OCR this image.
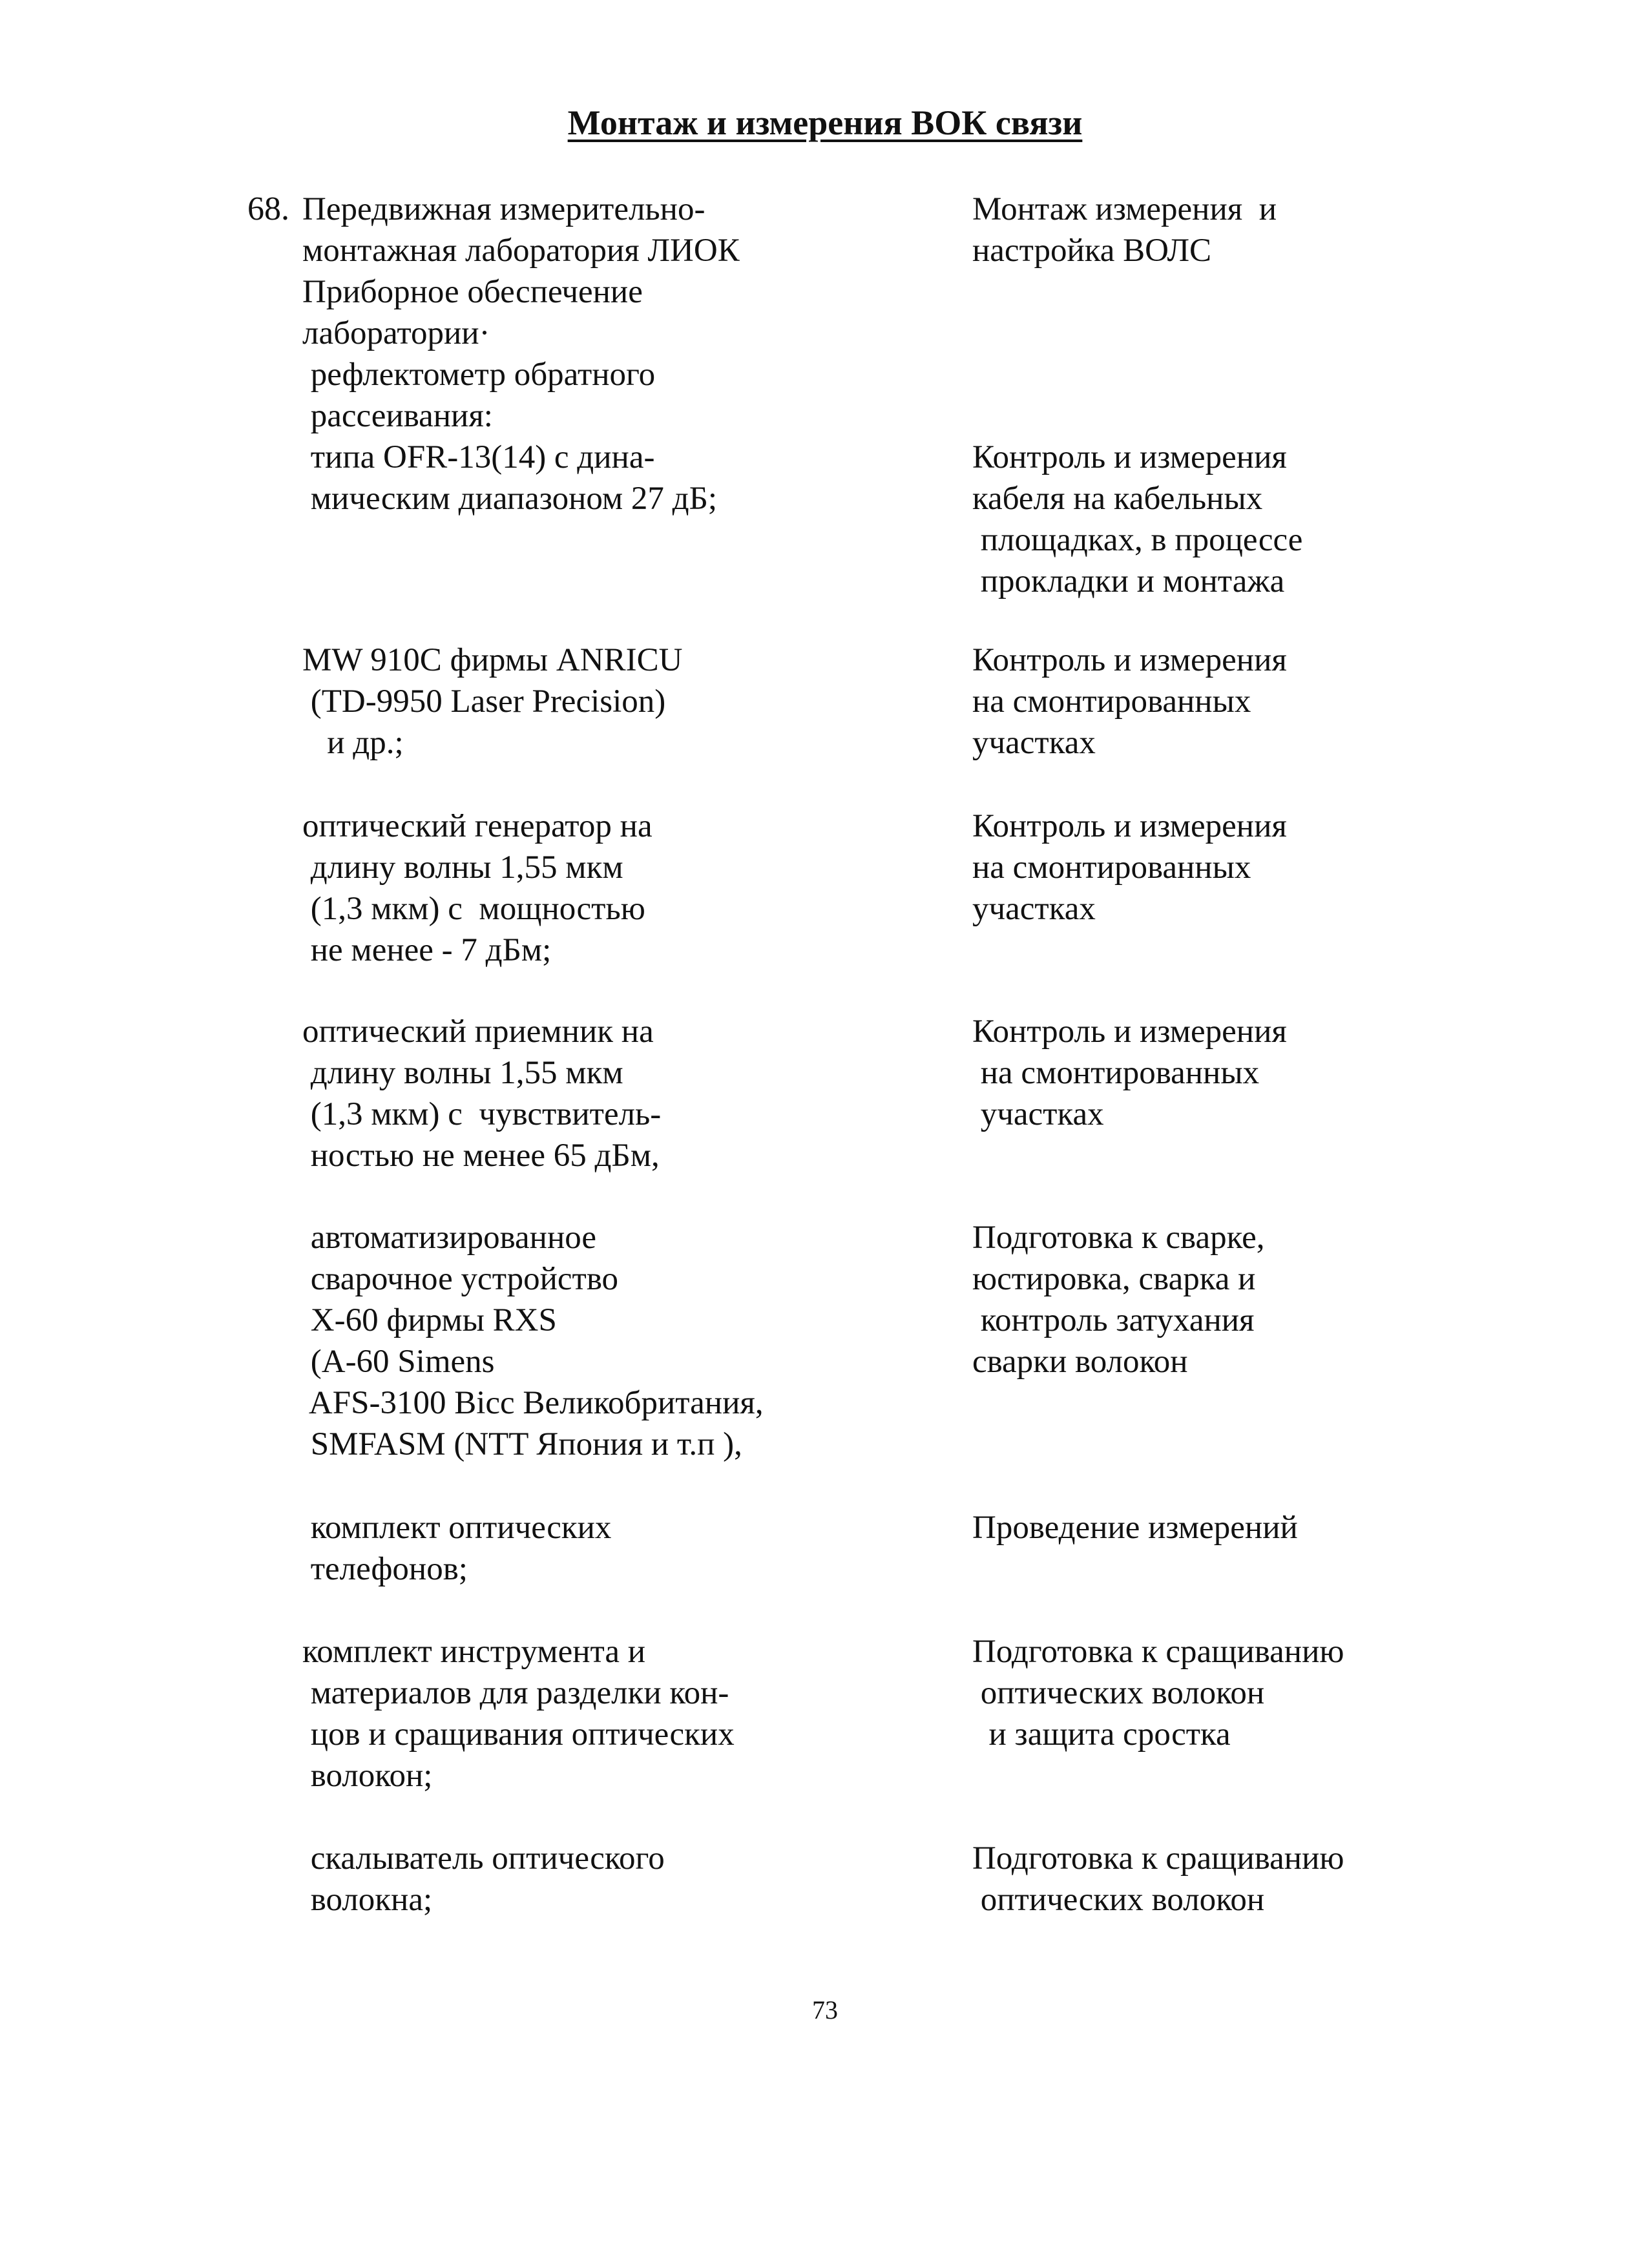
Монтаж и измерения ВОК связи
68. Передвижная измерительно-
монтажная лаборатория ЛИОК
Приборное обеспечение
лаборатории·
рефлектометр обратного
рассеивания:
типа OFR-13(14) с дина-
мическим диапазоном 27 дБ;
Монтаж измерения  и
настройка ВОЛС
Контроль и измерения
кабеля на кабельных
площадках, в процессе
прокладки и монтажа
MW 910С фирмы ANRICU
(TD-9950 Laser Precision)
и др.;
Контроль и измерения
на смонтированных
участках
оптический генератор на
длину волны 1,55 мкм
(1,3 мкм) с  мощностью
не менее - 7 дБм;
Контроль и измерения
на смонтированных
участках
оптический приемник на
длину волны 1,55 мкм
(1,3 мкм) с  чувствитель-
ностью не менее 65 дБм,
Контроль и измерения
на смонтированных
участках
автоматизированное
сварочное устройство
Х-60 фирмы RXS
(А-60 Simens
AFS-3100 Bicc Великобритания,
SMFASM (NTT Япония и т.п ),
Подготовка к сварке,
юстировка, сварка и
контроль затухания
сварки волокон
комплект оптических
телефонов;
Проведение измерений
комплект инструмента и
материалов для разделки кон-
цов и сращивания оптических
волокон;
Подготовка к сращиванию
оптических волокон
и защита сростка
скалыватель оптического
волокна;
Подготовка к сращиванию
оптических волокон
73
